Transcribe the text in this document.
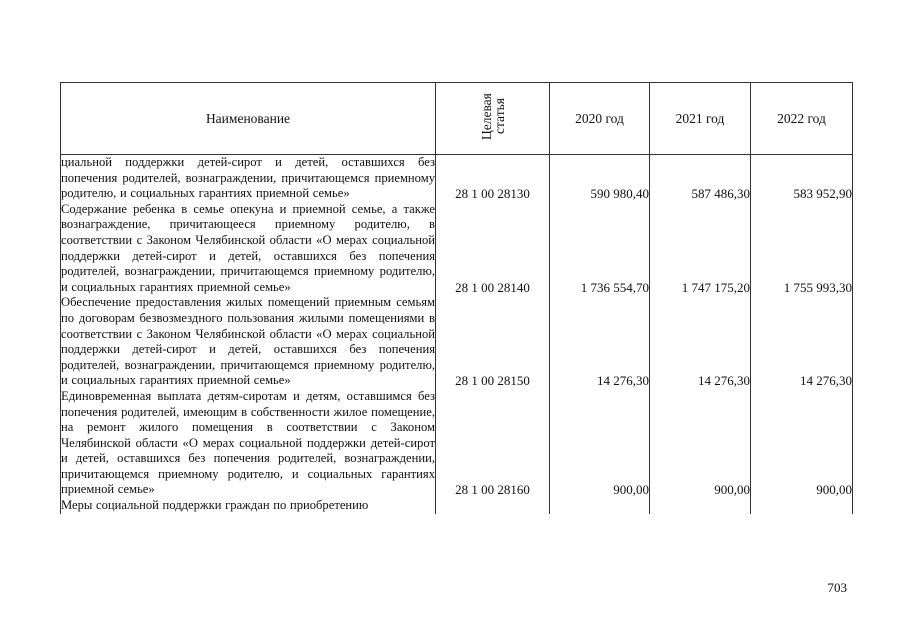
Наименование	Целевая статья	2020 год	2021 год	2022 год
циальной поддержки детей-сирот и детей, оставшихся без попечения родителей, вознаграждении, причитающемся приемному родителю, и социальных гарантиях приемной семье»	28 1 00 28130	590 980,40	587 486,30	583 952,90
Содержание ребенка в семье опекуна и приемной семье, а также вознаграждение, причитающееся приемному родителю, в соответствии с Законом Челябинской области «О мерах социальной поддержки детей-сирот и детей, оставшихся без попечения родителей, вознаграждении, причитающемся приемному родителю, и социальных гарантиях приемной семье»	28 1 00 28140	1 736 554,70	1 747 175,20	1 755 993,30
Обеспечение предоставления жилых помещений приемным семьям по договорам безвозмездного пользования жилыми помещениями в соответствии с Законом Челябинской области «О мерах социальной поддержки детей-сирот и детей, оставшихся без попечения родителей, вознаграждении, причитающемся приемному родителю, и социальных гарантиях приемной семье»	28 1 00 28150	14 276,30	14 276,30	14 276,30
Единовременная выплата детям-сиротам и детям, оставшимся без попечения родителей, имеющим в собственности жилое помещение, на ремонт жилого помещения в соответствии с Законом Челябинской области «О мерах социальной поддержки детей-сирот и детей, оставшихся без попечения родителей, вознаграждении, причитающемся приемному родителю, и социальных гарантиях приемной семье»	28 1 00 28160	900,00	900,00	900,00
Меры социальной поддержки граждан по приобретению				
703
